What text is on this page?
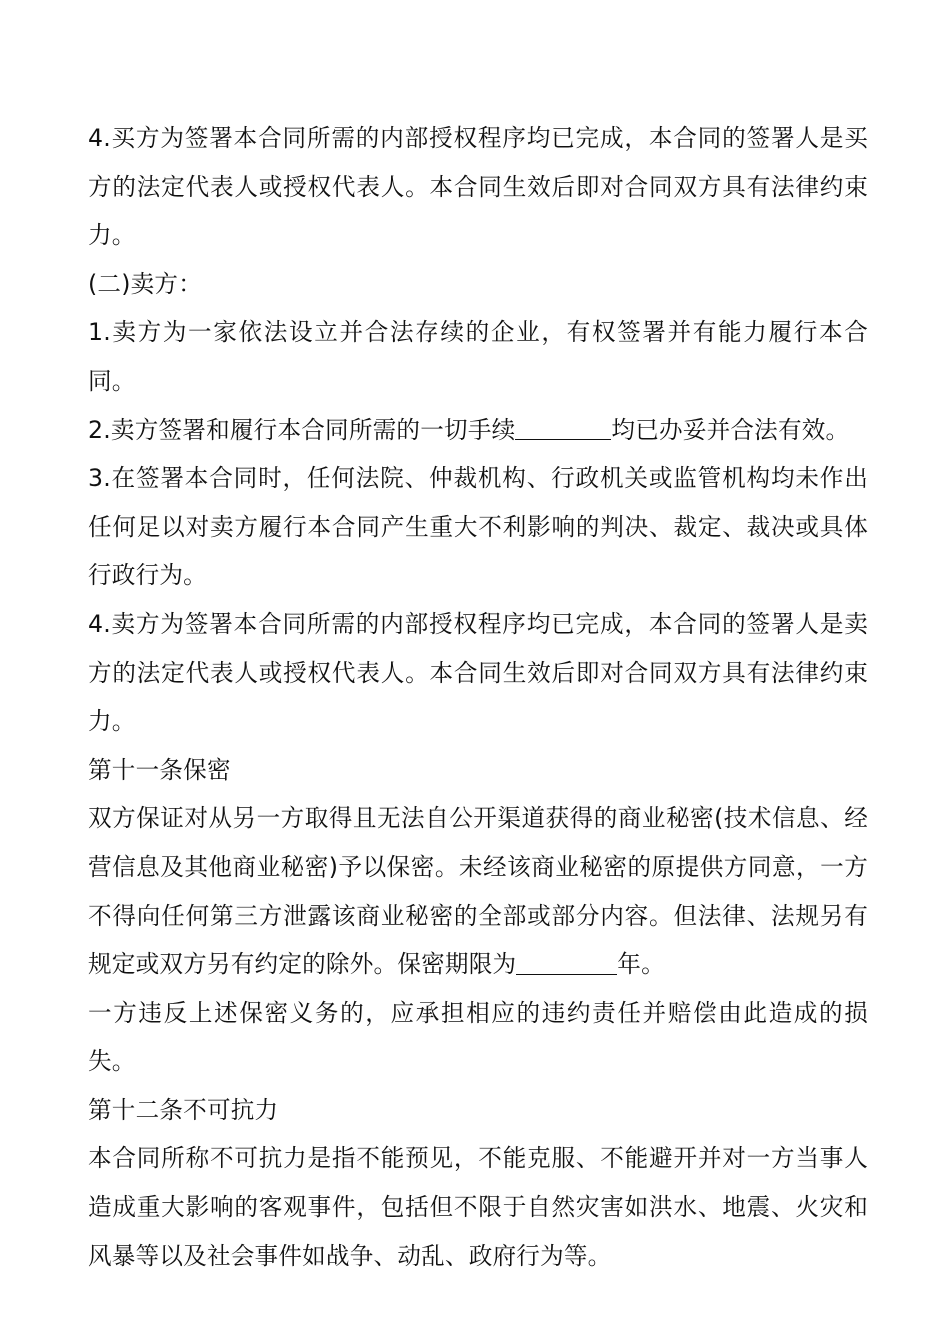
4.买方为签署本合同所需的内部授权程序均已完成，本合同的签署人是买方的法定代表人或授权代表人。本合同生效后即对合同双方具有法律约束力。

(二)卖方：

1.卖方为一家依法设立并合法存续的企业，有权签署并有能力履行本合同。

2.卖方签署和履行本合同所需的一切手续	均已办妥并合法有效。

3.在签署本合同时，任何法院、仲裁机构、行政机关或监管机构均未作出任何足以对卖方履行本合同产生重大不利影响的判决、裁定、裁决或具体行政行为。

4.卖方为签署本合同所需的内部授权程序均已完成，本合同的签署人是卖方的法定代表人或授权代表人。本合同生效后即对合同双方具有法律约束力。

第十一条保密

双方保证对从另一方取得且无法自公开渠道获得的商业秘密(技术信息、经营信息及其他商业秘密)予以保密。未经该商业秘密的原提供方同意，一方不得向任何第三方泄露该商业秘密的全部或部分内容。但法律、法规另有规定或双方另有约定的除外。保密期限为	年。

一方违反上述保密义务的，应承担相应的违约责任并赔偿由此造成的损失。

第十二条不可抗力

本合同所称不可抗力是指不能预见，不能克服、不能避开并对一方当事人造成重大影响的客观事件，包括但不限于自然灾害如洪水、地震、火灾和风暴等以及社会事件如战争、动乱、政府行为等。
